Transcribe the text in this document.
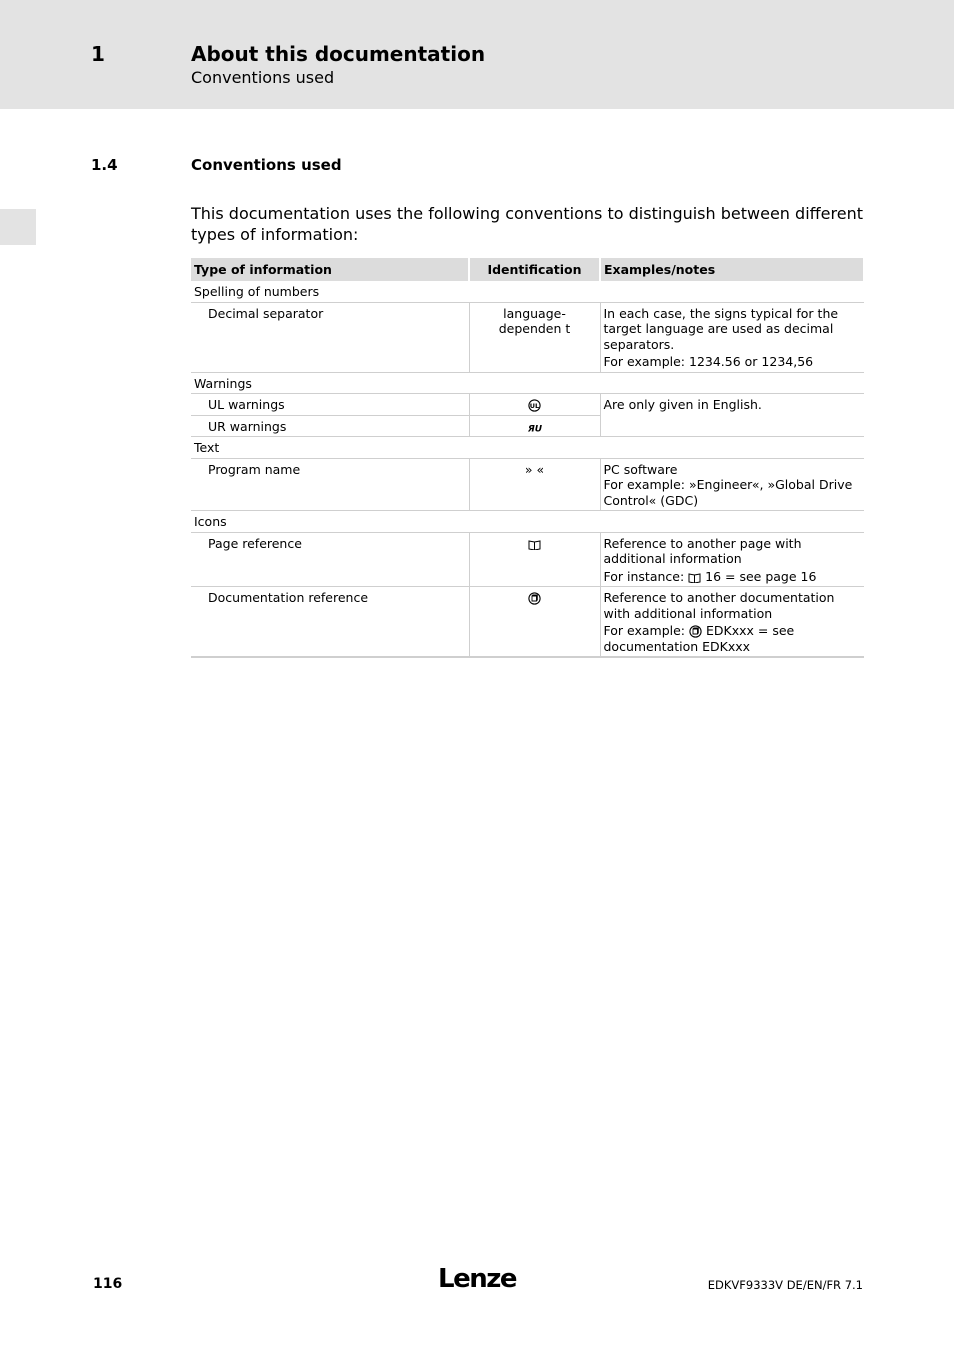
1	About this documentation
Conventions used
1.4	Conventions used
This documentation uses the following conventions to distinguish between different types of information:
Type of information	Identification	Examples/notes
Spelling of numbers		
Decimal separator	language-dependen t	In each case, the signs typical for the target language are used as decimal separators.
For example: 1234.56 or 1234,56

Warnings		
UL warnings	UL	Are only given in English.
UR warnings	ЯU	

Text		
Program name	» «	PC software
For example: »Engineer«, »Global Drive Control« (GDC)

Icons		
Page reference		Reference to another page with additional information
For instance: 16 = see page 16

Documentation reference		Reference to another documentation with additional information
For example: EDKxxx = see documentation EDKxxx
116	Lenze	EDKVF9333V DE/EN/FR 7.1
